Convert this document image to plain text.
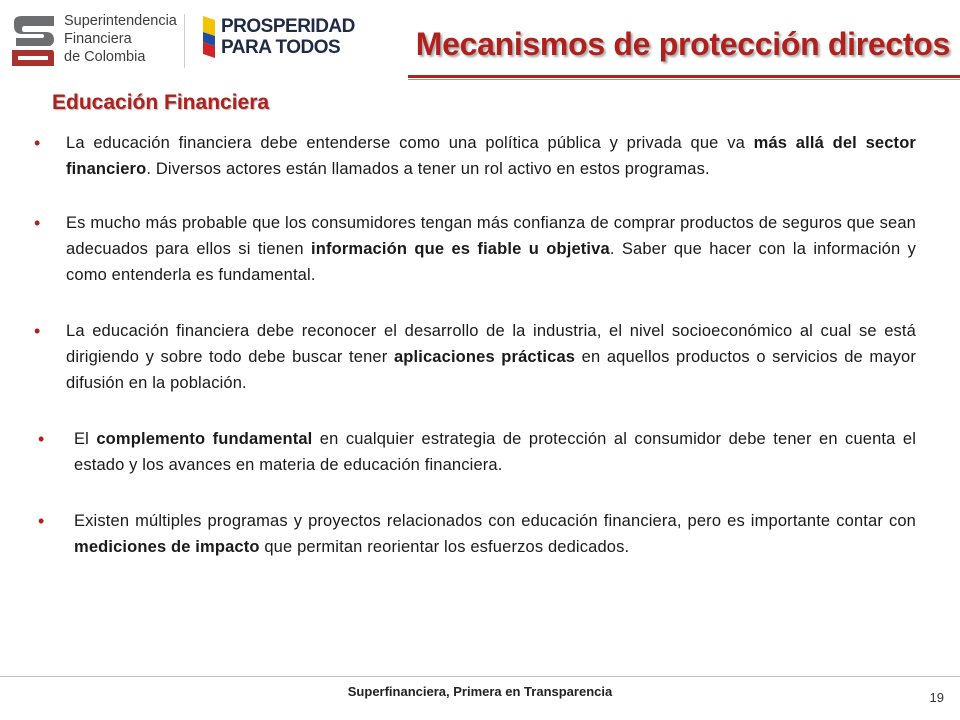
Superintendencia
Financiera
de Colombia
PROSPERIDAD
PARA TODOS	Mecanismos de protección directos
Educación Financiera
• La educación financiera debe entenderse como una política pública y privada que va más allá del sector financiero. Diversos actores están llamados a tener un rol activo en estos programas.
• Es mucho más probable que los consumidores tengan más confianza de comprar productos de seguros que sean adecuados para ellos si tienen información que es fiable u objetiva. Saber que hacer con la información y como entenderla es fundamental.
• La educación financiera debe reconocer el desarrollo de la industria, el nivel socioeconómico al cual se está dirigiendo y sobre todo debe buscar tener aplicaciones prácticas en aquellos productos o servicios de mayor difusión en la población.
• El complemento fundamental en cualquier estrategia de protección al consumidor debe tener en cuenta el estado y los avances en materia de educación financiera.
• Existen múltiples programas y proyectos relacionados con educación financiera, pero es importante contar con mediciones de impacto que permitan reorientar los esfuerzos dedicados.
Superfinanciera, Primera en Transparencia	19
